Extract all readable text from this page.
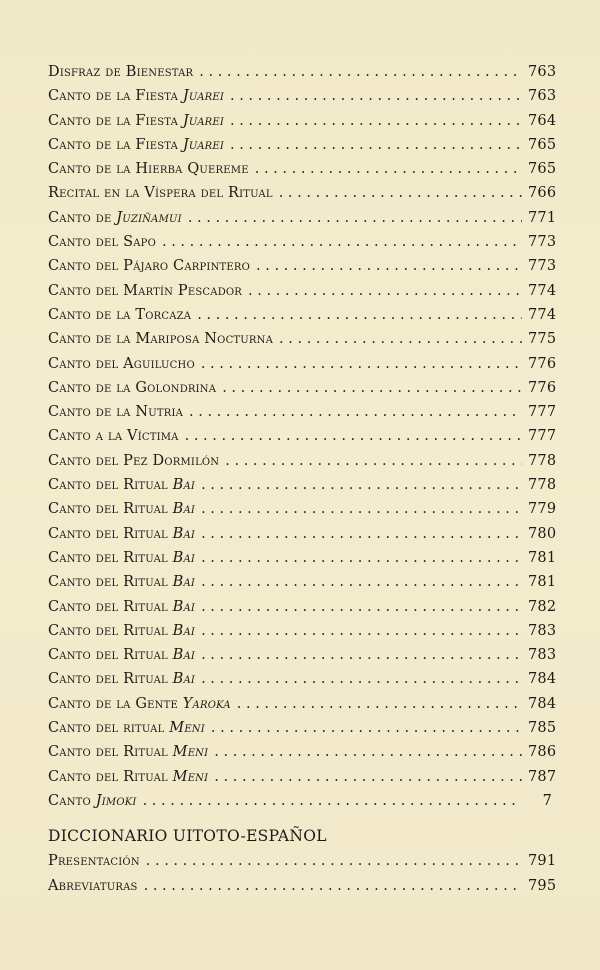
Disfraz de Bienestar . . .	763
Canto de la Fiesta Juarei . . .	763
Canto de la Fiesta Juarei . . .	764
Canto de la Fiesta Juarei . . .	765
Canto de la Hierba Quereme . . .	765
Recital en la Víspera del Ritual . . .	766
Canto de Juziñamui . . .	771
Canto del Sapo . . .	773
Canto del Pájaro Carpintero . . .	773
Canto del Martín Pescador . . .	774
Canto de la Torcaza . . .	774
Canto de la Mariposa Nocturna . . .	775
Canto del Aguilucho . . .	776
Canto de la Golondrina . . .	776
Canto de la Nutria . . .	777
Canto a la Víctima . . .	777
Canto del Pez Dormilón . . .	778
Canto del Ritual Bai . . .	778
Canto del Ritual Bai . . .	779
Canto del Ritual Bai . . .	780
Canto del Ritual Bai . . .	781
Canto del Ritual Bai . . .	781
Canto del Ritual Bai . . .	782
Canto del Ritual Bai . . .	783
Canto del Ritual Bai . . .	783
Canto del Ritual Bai . . .	784
Canto de la Gente Yaroka . . .	784
Canto del ritual Meni . . .	785
Canto del Ritual Meni . . .	786
Canto del Ritual Meni . . .	787
Canto Jimoki . . .	7
DICCIONARIO UITOTO-ESPAÑOL
Presentación . . .	791
Abreviaturas . . .	795
